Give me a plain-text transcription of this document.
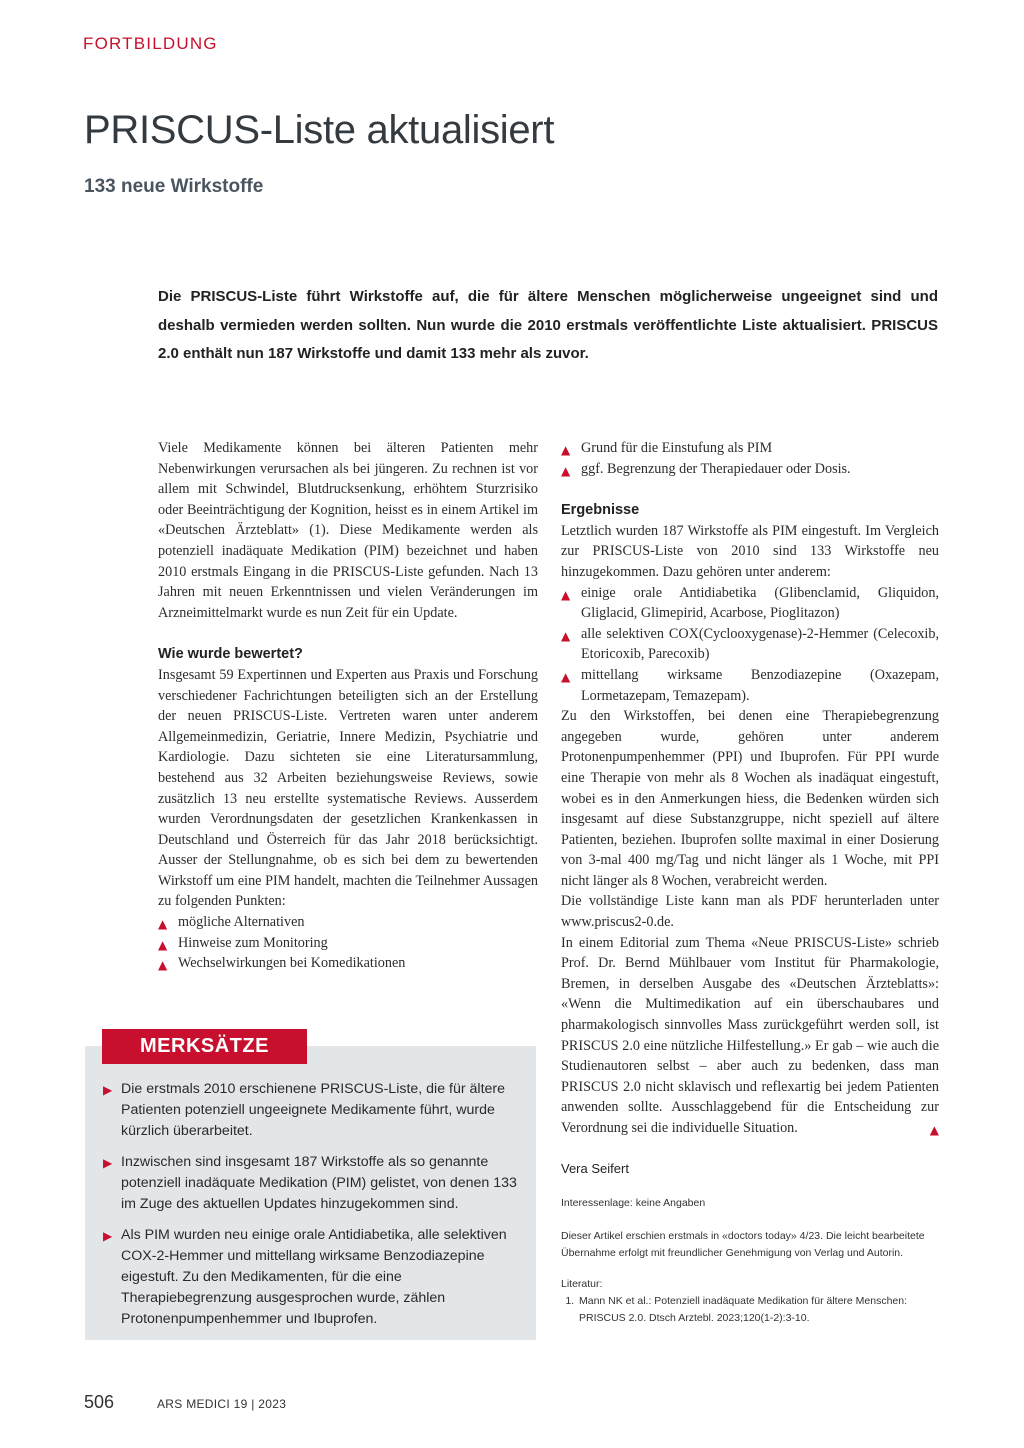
FORTBILDUNG
PRISCUS-Liste aktualisiert
133 neue Wirkstoffe

Die PRISCUS-Liste führt Wirkstoffe auf, die für ältere Menschen möglicherweise ungeeignet sind und deshalb vermieden werden sollten. Nun wurde die 2010 erstmals veröffentlichte Liste aktualisiert. PRISCUS 2.0 enthält nun 187 Wirkstoffe und damit 133 mehr als zuvor.

Viele Medikamente können bei älteren Patienten mehr Nebenwirkungen verursachen als bei jüngeren. Zu rechnen ist vor allem mit Schwindel, Blutdrucksenkung, erhöhtem Sturzrisiko oder Beeinträchtigung der Kognition, heisst es in einem Artikel im «Deutschen Ärzteblatt» (1). Diese Medikamente werden als potenziell inadäquate Medikation (PIM) bezeichnet und haben 2010 erstmals Eingang in die PRISCUS-Liste gefunden. Nach 13 Jahren mit neuen Erkenntnissen und vielen Veränderungen im Arzneimittelmarkt wurde es nun Zeit für ein Update.

Wie wurde bewertet?

Insgesamt 59 Expertinnen und Experten aus Praxis und Forschung verschiedener Fachrichtungen beteiligten sich an der Erstellung der neuen PRISCUS-Liste. Vertreten waren unter anderem Allgemeinmedizin, Geriatrie, Innere Medizin, Psychiatrie und Kardiologie. Dazu sichteten sie eine Literatursammlung, bestehend aus 32 Arbeiten beziehungsweise Reviews, sowie zusätzlich 13 neu erstellte systematische Reviews. Ausserdem wurden Verordnungsdaten der gesetzlichen Krankenkassen in Deutschland und Österreich für das Jahr 2018 berücksichtigt. Ausser der Stellungnahme, ob es sich bei dem zu bewertenden Wirkstoff um eine PIM handelt, machten die Teilnehmer Aussagen zu folgenden Punkten:

▲ mögliche Alternativen
▲ Hinweise zum Monitoring
▲ Wechselwirkungen bei Komedikationen
▲ Grund für die Einstufung als PIM
▲ ggf. Begrenzung der Therapiedauer oder Dosis.
Ergebnisse

Letztlich wurden 187 Wirkstoffe als PIM eingestuft. Im Vergleich zur PRISCUS-Liste von 2010 sind 133 Wirkstoffe neu hinzugekommen. Dazu gehören unter anderem:

▲ einige orale Antidiabetika (Glibenclamid, Gliquidon, Gliglacid, Glimepirid, Acarbose, Pioglitazon)
▲ alle selektiven COX(Cyclooxygenase)-2-Hemmer (Celecoxib, Etoricoxib, Parecoxib)
▲ mittellang wirksame Benzodiazepine (Oxazepam, Lormetazepam, Temazepam).

Zu den Wirkstoffen, bei denen eine Therapiebegrenzung angegeben wurde, gehören unter anderem Protonenpumpenhemmer (PPI) und Ibuprofen. Für PPI wurde eine Therapie von mehr als 8 Wochen als inadäquat eingestuft, wobei es in den Anmerkungen hiess, die Bedenken würden sich insgesamt auf diese Substanzgruppe, nicht speziell auf ältere Patienten, beziehen. Ibuprofen sollte maximal in einer Dosierung von 3-mal 400 mg/Tag und nicht länger als 1 Woche, mit PPI nicht länger als 8 Wochen, verabreicht werden.

Die vollständige Liste kann man als PDF herunterladen unter www.priscus2-0.de.

In einem Editorial zum Thema «Neue PRISCUS-Liste» schrieb Prof. Dr. Bernd Mühlbauer vom Institut für Pharmakologie, Bremen, in derselben Ausgabe des «Deutschen Ärzteblatts»: «Wenn die Multimedikation auf ein überschaubares und pharmakologisch sinnvolles Mass zurückgeführt werden soll, ist PRISCUS 2.0 eine nützliche Hilfestellung.» Er gab – wie auch die Studienautoren selbst – aber auch zu bedenken, dass man PRISCUS 2.0 nicht sklavisch und reflexartig bei jedem Patienten anwenden sollte. Ausschlaggebend für die Entscheidung zur Verordnung sei die individuelle Situation.	▲

Vera Seifert
Interessenlage: keine Angaben
Dieser Artikel erschien erstmals in «doctors today» 4/23. Die leicht bearbeitete Übernahme erfolgt mit freundlicher Genehmigung von Verlag und Autorin.
Literatur:
1. Mann NK et al.: Potenziell inadäquate Medikation für ältere Menschen: PRISCUS 2.0. Dtsch Arztebl. 2023;120(1-2):3-10.
MERKSÄTZE
▶ Die erstmals 2010 erschienene PRISCUS-Liste, die für ältere Patienten potenziell ungeeignete Medikamente führt, wurde kürzlich überarbeitet.
▶ Inzwischen sind insgesamt 187 Wirkstoffe als so genannte potenziell inadäquate Medikation (PIM) gelistet, von denen 133 im Zuge des aktuellen Updates hinzugekommen sind.
▶ Als PIM wurden neu einige orale Antidiabetika, alle selektiven COX-2-Hemmer und mittellang wirksame Benzodiazepine eigestuft. Zu den Medikamenten, für die eine Therapiebegrenzung ausgesprochen wurde, zählen Protonenpumpenhemmer und Ibuprofen.
506	ARS MEDICI 19 | 2023
